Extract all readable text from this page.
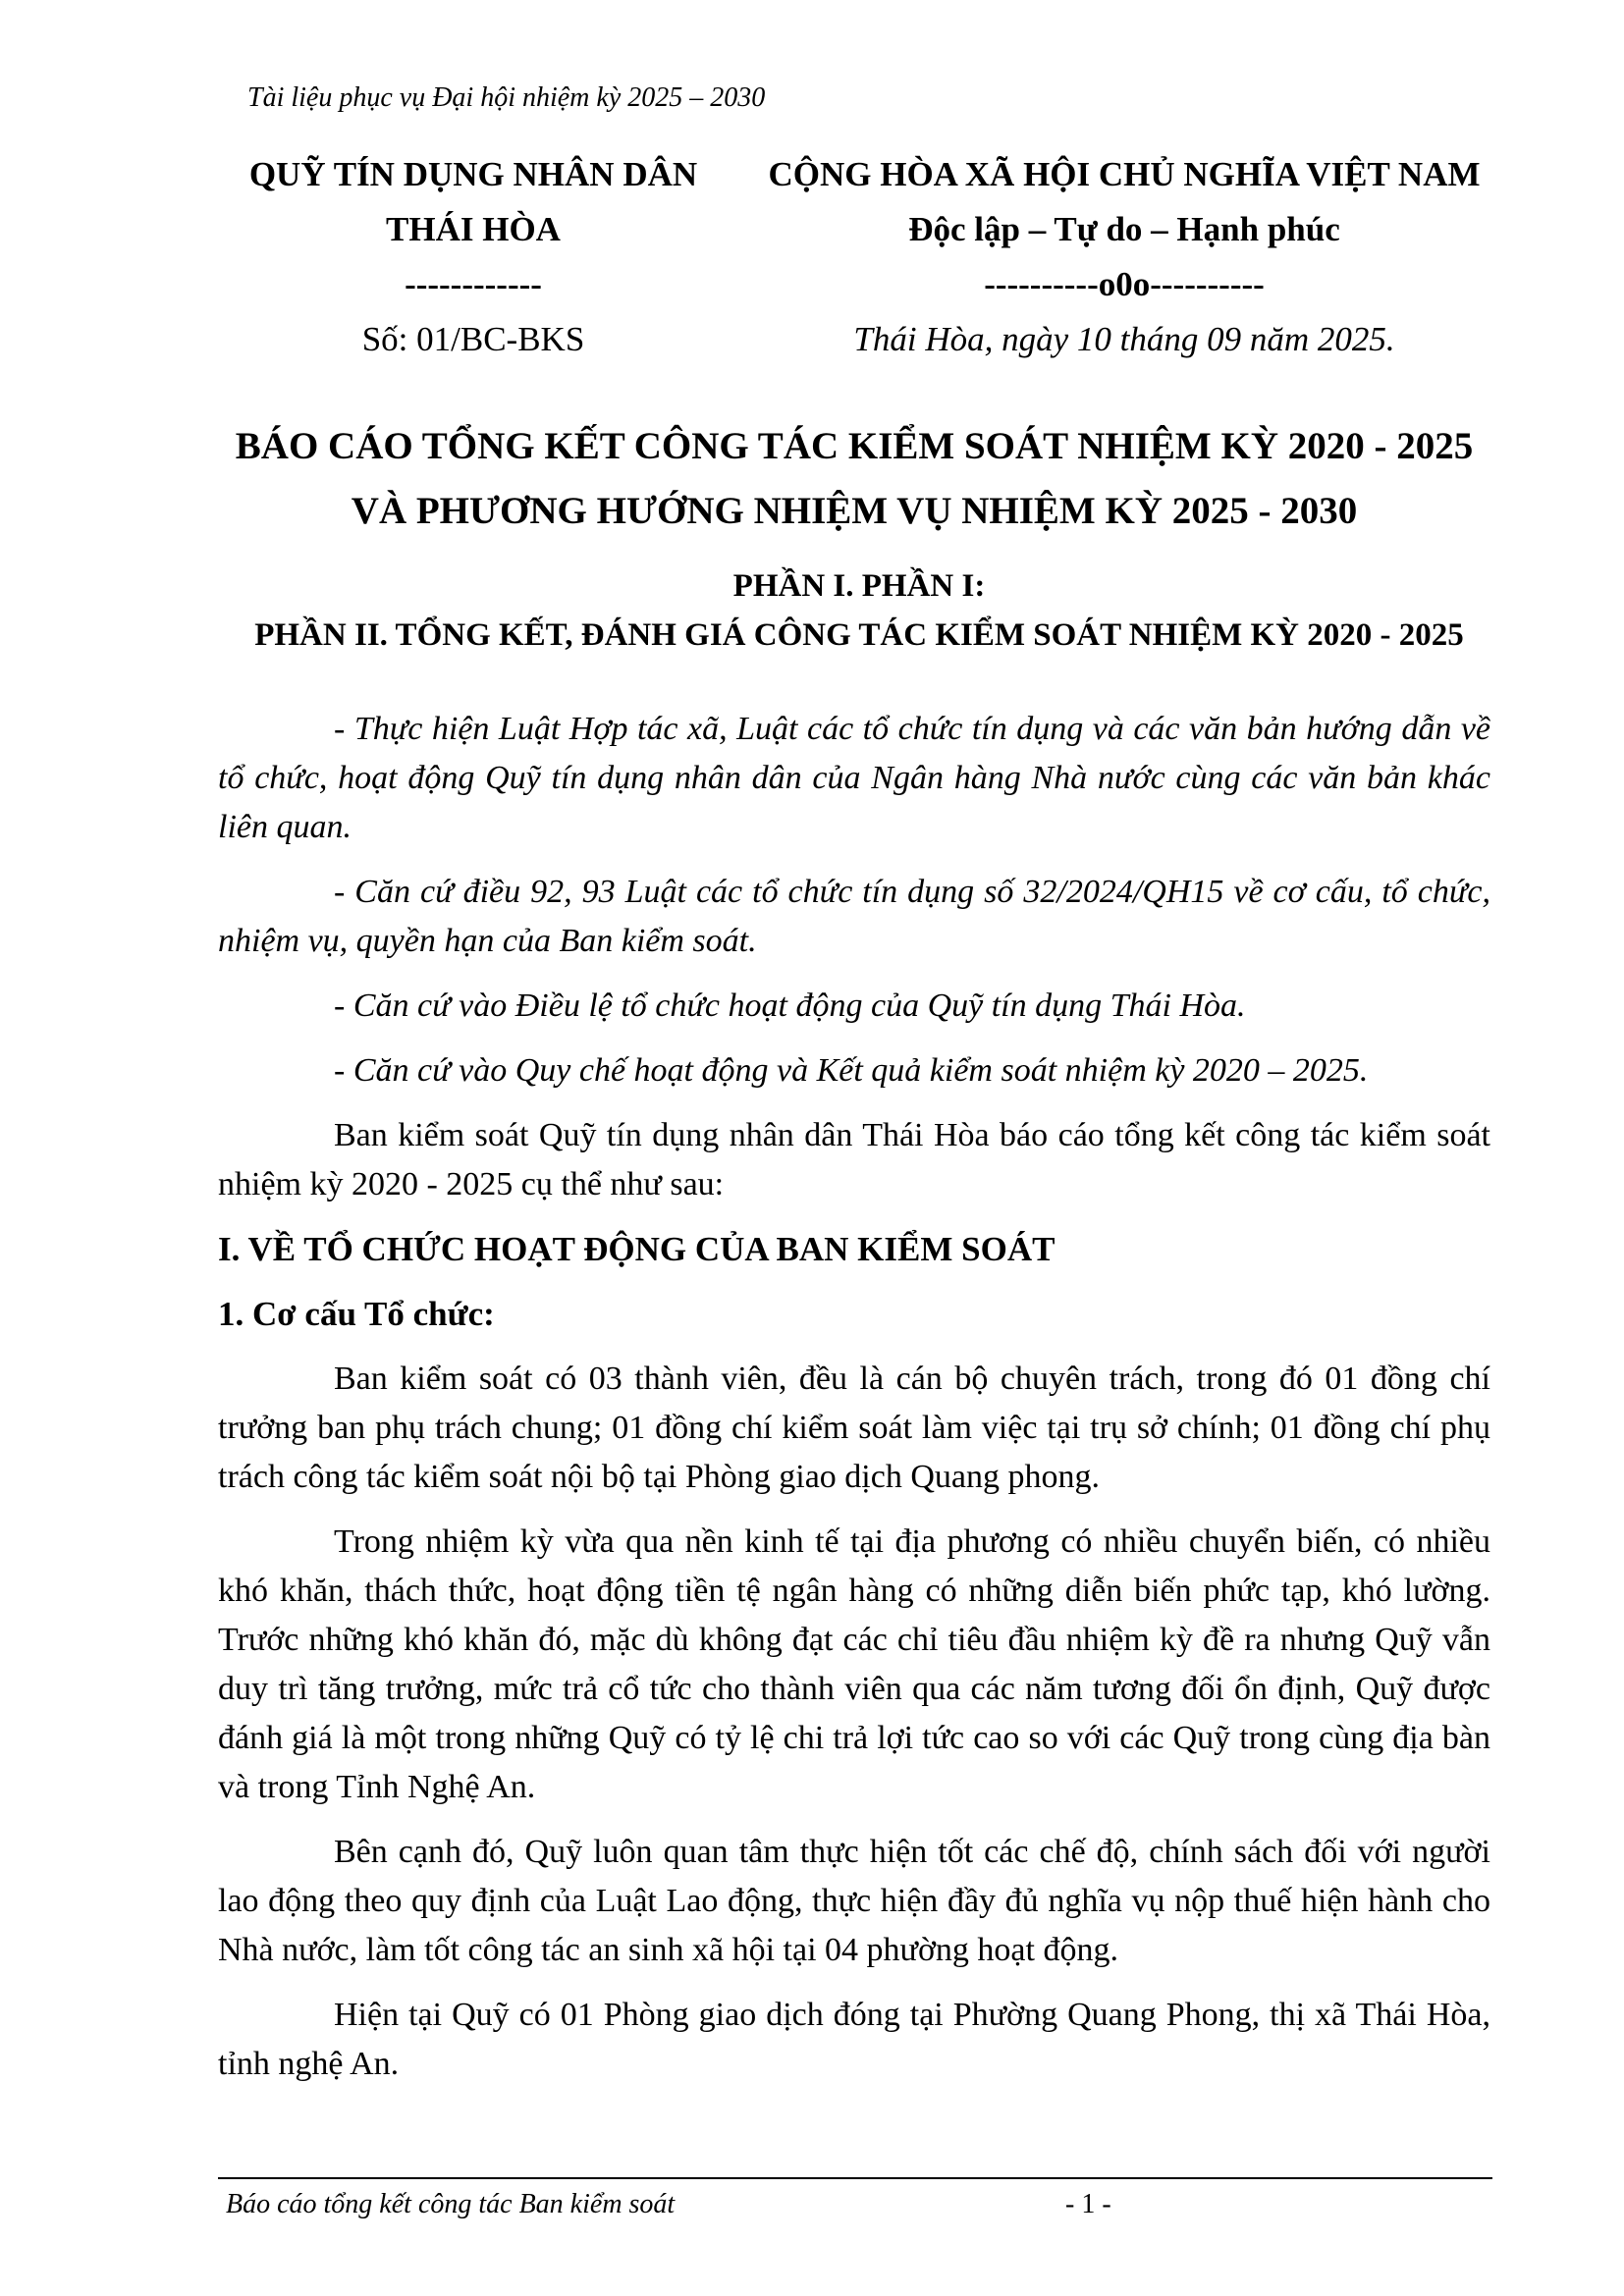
Tài liệu phục vụ Đại hội nhiệm kỳ 2025 – 2030
QUỸ TÍN DỤNG NHÂN DÂN
THÁI HÒA
------------
Số: 01/BC-BKS
CỘNG HÒA XÃ HỘI CHỦ NGHĨA VIỆT NAM
Độc lập – Tự do – Hạnh phúc
----------o0o----------
Thái Hòa, ngày 10 tháng 09 năm 2025.
BÁO CÁO TỔNG KẾT CÔNG TÁC KIỂM SOÁT NHIỆM KỲ 2020 - 2025
VÀ PHƯƠNG HƯỚNG NHIỆM VỤ NHIỆM KỲ 2025 - 2030
PHẦN I. PHẦN I:
PHẦN II. TỔNG KẾT, ĐÁNH GIÁ CÔNG TÁC KIỂM SOÁT NHIỆM KỲ 2020 - 2025

- Thực hiện Luật Hợp tác xã, Luật các tổ chức tín dụng và các văn bản hướng dẫn về tổ chức, hoạt động Quỹ tín dụng nhân dân của Ngân hàng Nhà nước cùng các văn bản khác liên quan.

- Căn cứ điều 92, 93 Luật các tổ chức tín dụng số 32/2024/QH15 về cơ cấu, tổ chức, nhiệm vụ, quyền hạn của Ban kiểm soát.

- Căn cứ vào Điều lệ tổ chức hoạt động của Quỹ tín dụng Thái Hòa.

- Căn cứ vào Quy chế hoạt động và Kết quả kiểm soát nhiệm kỳ 2020 – 2025.

Ban kiểm soát Quỹ tín dụng nhân dân Thái Hòa báo cáo tổng kết công tác kiểm soát nhiệm kỳ 2020 - 2025 cụ thể như sau:

I. VỀ TỔ CHỨC HOẠT ĐỘNG CỦA BAN KIỂM SOÁT
1. Cơ cấu Tổ chức:

Ban kiểm soát có 03 thành viên, đều là cán bộ chuyên trách, trong đó 01 đồng chí trưởng ban phụ trách chung; 01 đồng chí kiểm soát làm việc tại trụ sở chính; 01 đồng chí phụ trách công tác kiểm soát nội bộ tại Phòng giao dịch Quang phong.

Trong nhiệm kỳ vừa qua nền kinh tế tại địa phương có nhiều chuyển biến, có nhiều khó khăn, thách thức, hoạt động tiền tệ ngân hàng có những diễn biến phức tạp, khó lường. Trước những khó khăn đó, mặc dù không đạt các chỉ tiêu đầu nhiệm kỳ đề ra nhưng Quỹ vẫn duy trì tăng trưởng, mức trả cổ tức cho thành viên qua các năm tương đối ổn định, Quỹ được đánh giá là một trong những Quỹ có tỷ lệ chi trả lợi tức cao so với các Quỹ trong cùng địa bàn và trong Tỉnh Nghệ An.

Bên cạnh đó, Quỹ luôn quan tâm thực hiện tốt các chế độ, chính sách đối với người lao động theo quy định của Luật Lao động, thực hiện đầy đủ nghĩa vụ nộp thuế hiện hành cho Nhà nước, làm tốt công tác an sinh xã hội tại 04 phường hoạt động.

Hiện tại Quỹ có 01 Phòng giao dịch đóng tại Phường Quang Phong, thị xã Thái Hòa, tỉnh nghệ An.

Báo cáo tổng kết công tác Ban kiểm soát	- 1 -
